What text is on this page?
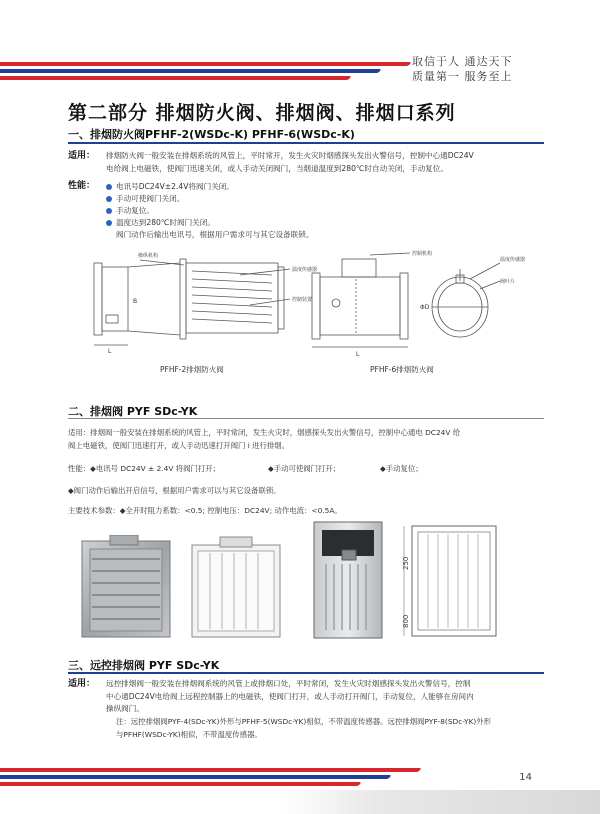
取信于人 通达天下
质量第一 服务至上
第二部分 排烟防火阀、排烟阀、排烟口系列
一、排烟防火阀PFHF-2(WSDc-K) PFHF-6(WSDc-K)
适用： 排烟防火阀一般安装在排烟系统的风管上，平时常开，发生火灾时烟感探头发出火警信号，控制中心通DC24V
电给阀上电磁铁，使阀门迅速关闭，或人手动关闭阀门，当烟道温度到280℃时自动关闭，手动复位。
性能：	电讯号DC24V±2.4V将阀门关闭。
手动可使阀门关闭。
手动复位。
温度达到280℃时阀门关闭。
阀门动作后输出电讯号，根据用户需求可与其它设备联锁。
操纵机构
温度传感器
控制装置
B
L
PFHF-2排烟防火阀
控制机构
温度传感器
阀叶片
ΦD
L
PFHF-6排烟防火阀
二、排烟阀 PYF SDc-YK
适用：排烟阀一般安装在排烟系统的风管上，平时常闭，发生火灾时，烟感探头发出火警信号，控制中心通电 DC24V 给
阀上电磁铁，使阀门迅速打开，或人手动迅速打开阀门 i 进行排烟。
性能：◆电讯号 DC24V ± 2.4V 将阀门打开；	◆手动可使阀门打开；	◆手动复位；
◆阀门动作后输出开启信号，根据用户需求可以与其它设备联锁。
主要技术参数：◆全开时阻力系数：<0.5; 控制电压：DC24V; 动作电流：<0.5A。
250
800
三、远控排烟阀 PYF SDc-YK
适用： 远控排烟阀一般安装在排烟阀系统的风管上或排烟口处，平时常闭，发生火灾时烟感探头发出火警信号，控制
中心通DC24V电给阀上远程控制器上的电磁铁，使阀门打开，或人手动打开阀门，手动复位，人能够在房间内
操纵阀门。
注：远控排烟阀PYF-4(SDc-YK)外形与PFHF-5(WSDc-YK)相似，不带温度传感器。远控排烟阀PYF-8(SDc-YK)外形
与PFHF(WSDc-YK)相似，不带温度传感器。
14
